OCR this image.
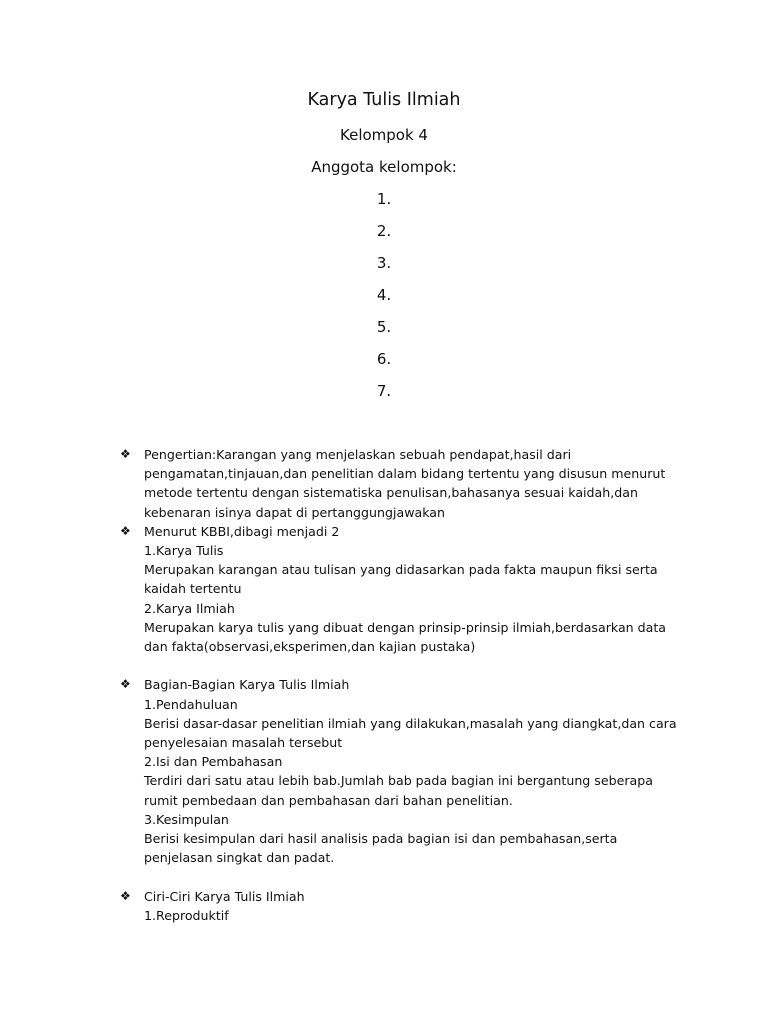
Karya Tulis Ilmiah
Kelompok 4
Anggota kelompok:
1.
2.
3.
4.
5.
6.
7.
❖	Pengertian:Karangan yang menjelaskan sebuah pendapat,hasil dari
pengamatan,tinjauan,dan penelitian dalam bidang tertentu yang disusun menurut
metode tertentu dengan sistematiska penulisan,bahasanya sesuai kaidah,dan
kebenaran isinya dapat di pertanggungjawakan
❖	Menurut KBBI,dibagi menjadi 2
1.Karya Tulis
Merupakan karangan atau tulisan yang didasarkan pada fakta maupun fiksi serta
kaidah tertentu
2.Karya Ilmiah
Merupakan karya tulis yang dibuat dengan prinsip-prinsip ilmiah,berdasarkan data
dan fakta(observasi,eksperimen,dan kajian pustaka)
❖	Bagian-Bagian Karya Tulis Ilmiah
1.Pendahuluan
Berisi dasar-dasar penelitian ilmiah yang dilakukan,masalah yang diangkat,dan cara
penyelesaian masalah tersebut
2.Isi dan Pembahasan
Terdiri dari satu atau lebih bab.Jumlah bab pada bagian ini bergantung seberapa
rumit pembedaan dan pembahasan dari bahan penelitian.
3.Kesimpulan
Berisi kesimpulan dari hasil analisis pada bagian isi dan pembahasan,serta
penjelasan singkat dan padat.
❖	Ciri-Ciri Karya Tulis Ilmiah
1.Reproduktif
